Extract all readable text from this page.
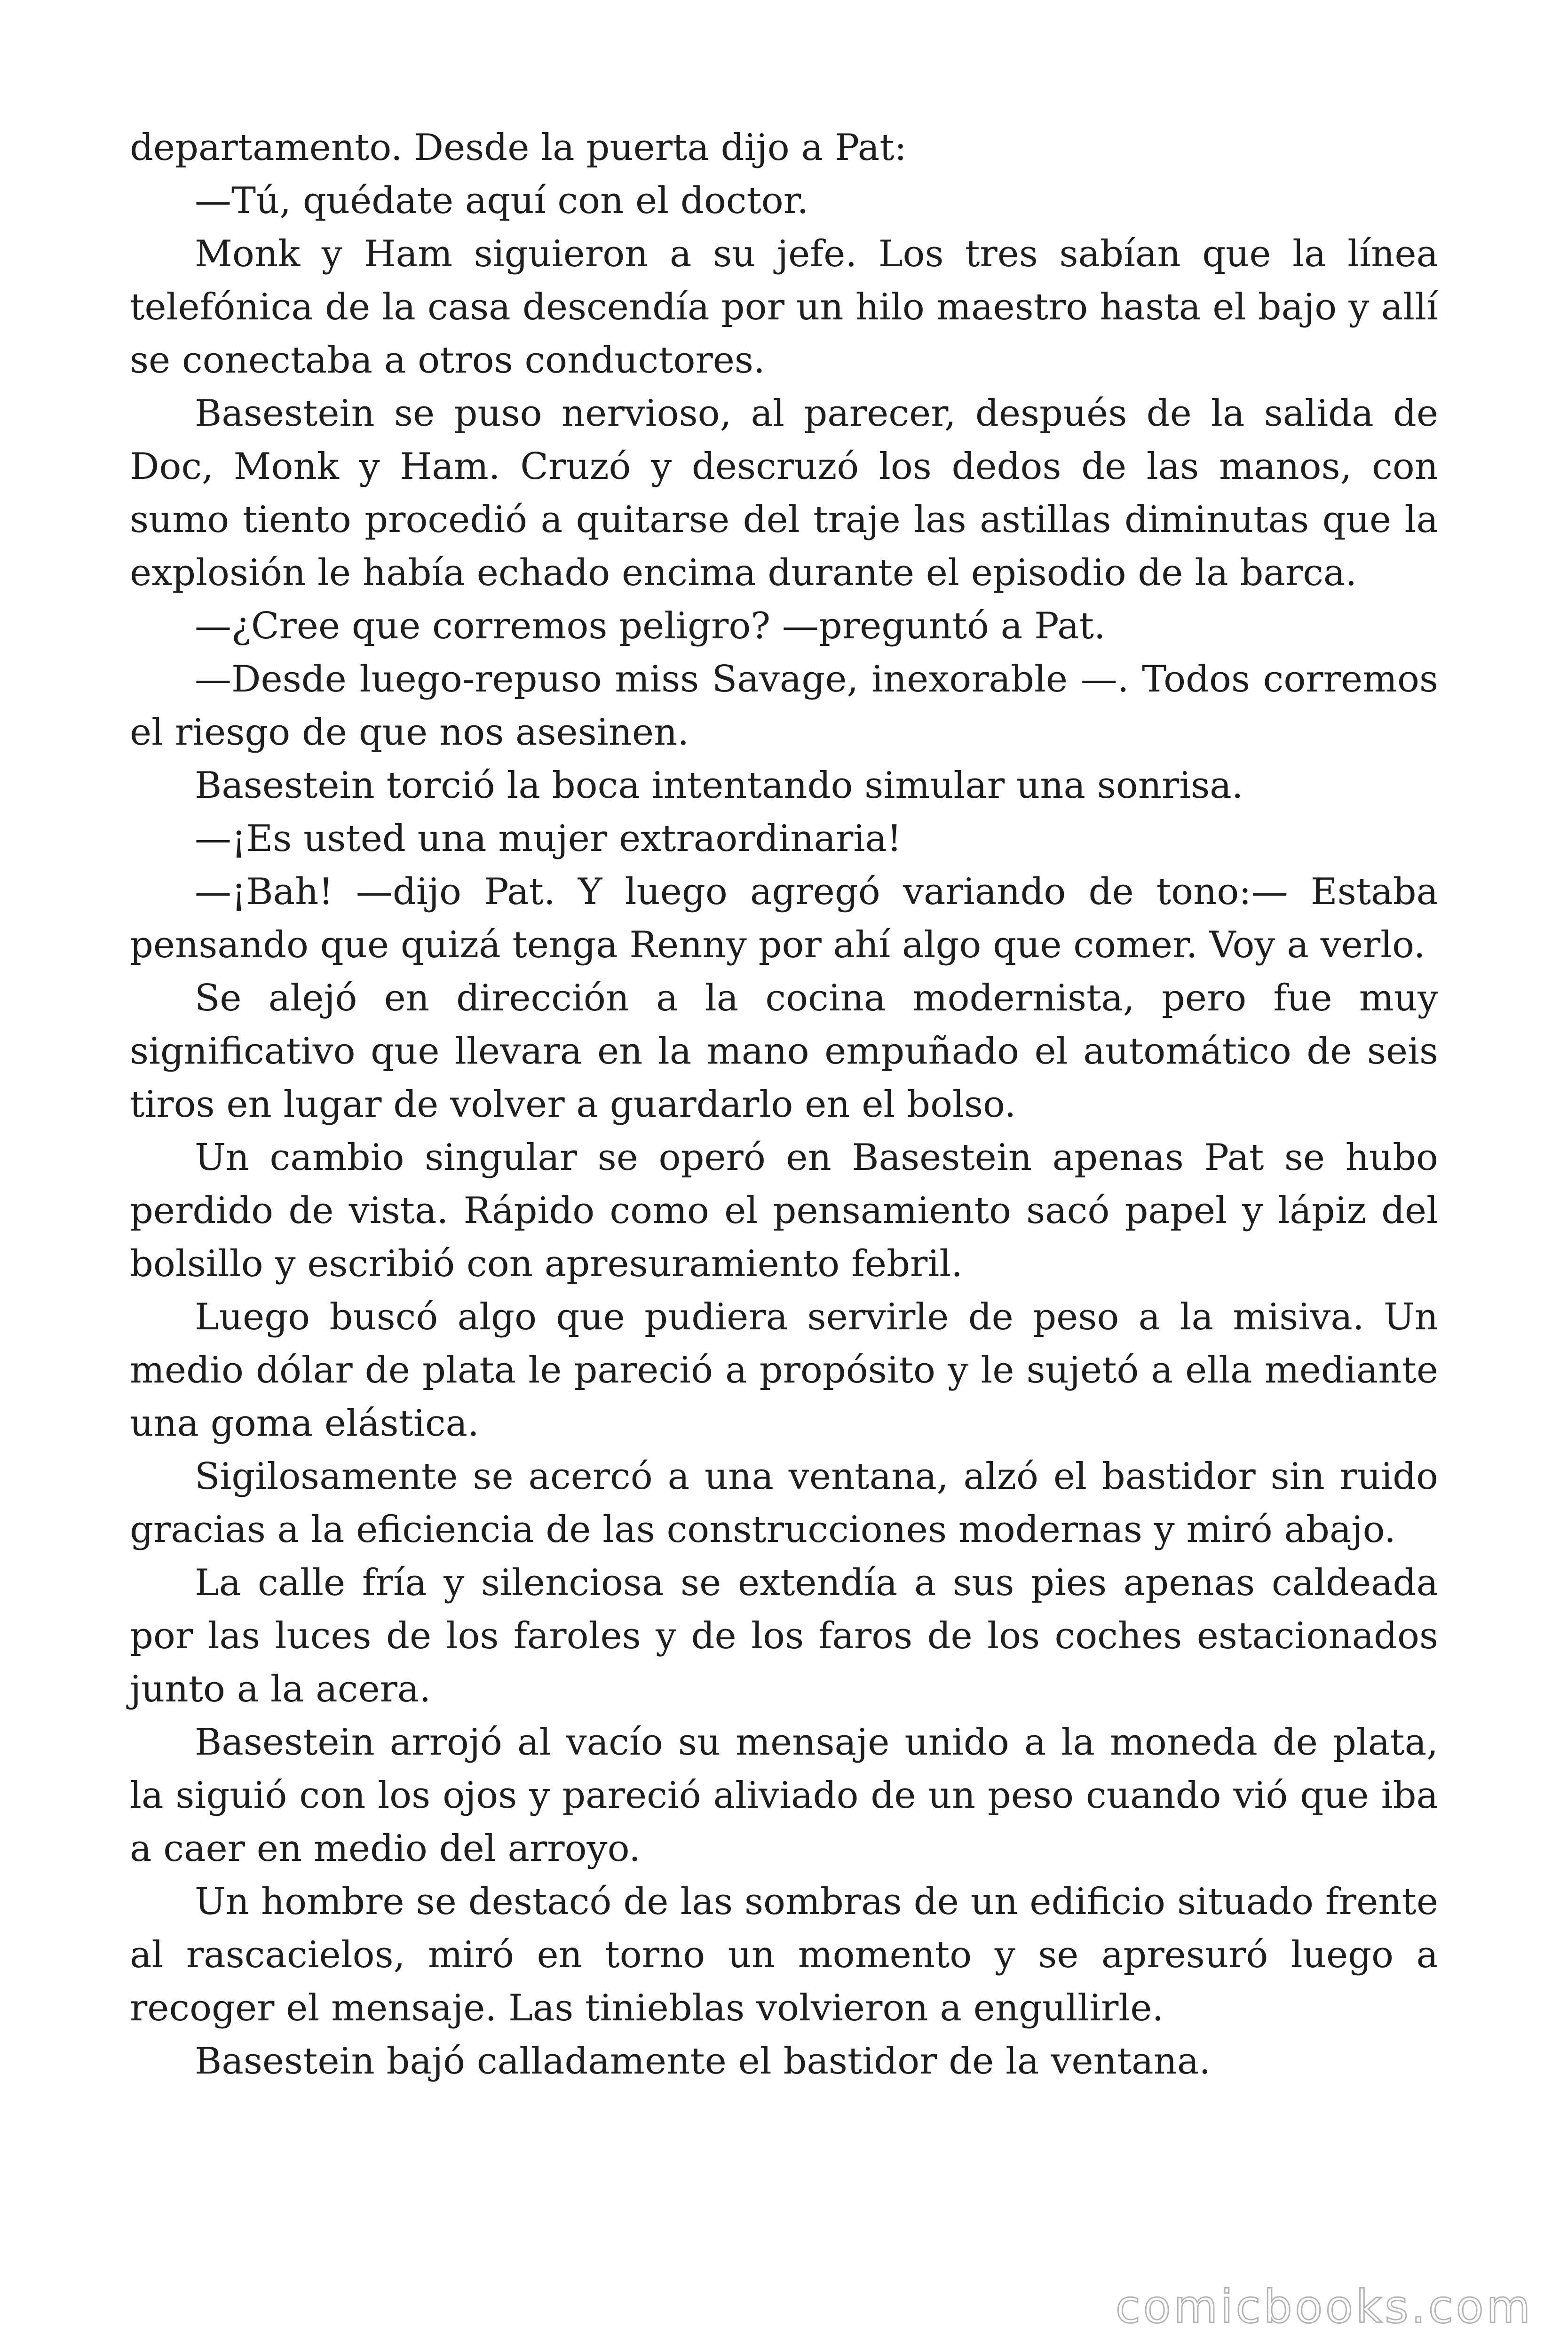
departamento. Desde la puerta dijo a Pat:

—Tú, quédate aquí con el doctor.

Monk y Ham siguieron a su jefe. Los tres sabían que la línea telefónica de la casa descendía por un hilo maestro hasta el bajo y allí se conectaba a otros conductores.

Basestein se puso nervioso, al parecer, después de la salida de Doc, Monk y Ham. Cruzó y descruzó los dedos de las manos, con sumo tiento procedió a quitarse del traje las astillas diminutas que la explosión le había echado encima durante el episodio de la barca.

—¿Cree que corremos peligro? —preguntó a Pat.

—Desde luego-repuso miss Savage, inexorable —. Todos corremos el riesgo de que nos asesinen.

Basestein torció la boca intentando simular una sonrisa.

—¡Es usted una mujer extraordinaria!

—¡Bah! —dijo Pat. Y luego agregó variando de tono:— Estaba pensando que quizá tenga Renny por ahí algo que comer. Voy a verlo.

Se alejó en dirección a la cocina modernista, pero fue muy significativo que llevara en la mano empuñado el automático de seis tiros en lugar de volver a guardarlo en el bolso.

Un cambio singular se operó en Basestein apenas Pat se hubo perdido de vista. Rápido como el pensamiento sacó papel y lápiz del bolsillo y escribió con apresuramiento febril.

Luego buscó algo que pudiera servirle de peso a la misiva. Un medio dólar de plata le pareció a propósito y le sujetó a ella mediante una goma elástica.

Sigilosamente se acercó a una ventana, alzó el bastidor sin ruido gracias a la eficiencia de las construcciones modernas y miró abajo.

La calle fría y silenciosa se extendía a sus pies apenas caldeada por las luces de los faroles y de los faros de los coches estacionados junto a la acera.

Basestein arrojó al vacío su mensaje unido a la moneda de plata, la siguió con los ojos y pareció aliviado de un peso cuando vió que iba a caer en medio del arroyo.

Un hombre se destacó de las sombras de un edificio situado frente al rascacielos, miró en torno un momento y se apresuró luego a recoger el mensaje. Las tinieblas volvieron a engullirle.

Basestein bajó calladamente el bastidor de la ventana.

comicbooks.com
